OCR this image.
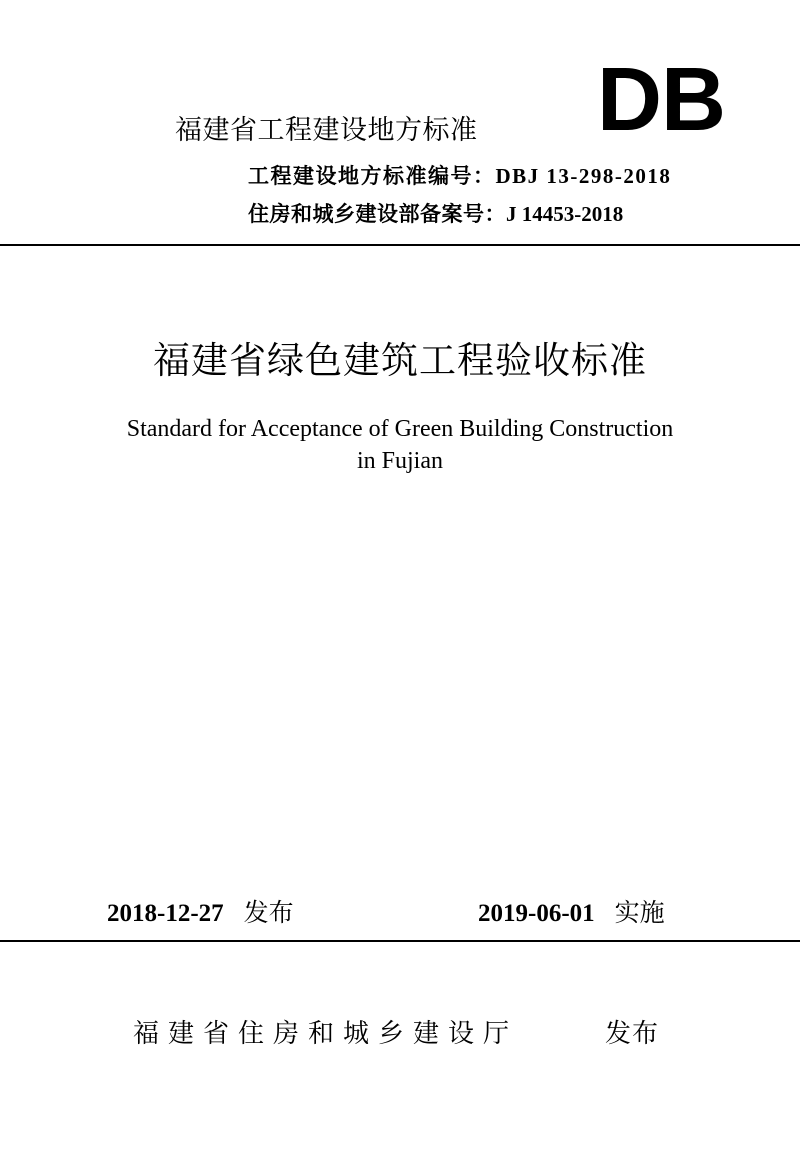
福建省工程建设地方标准 DB
工程建设地方标准编号：DBJ 13-298-2018
住房和城乡建设部备案号：J 14453-2018
福建省绿色建筑工程验收标准
Standard for Acceptance of Green Building Construction
in Fujian
2018-12-27 发布	2019-06-01 实施
福建省住房和城乡建设厅	发布
